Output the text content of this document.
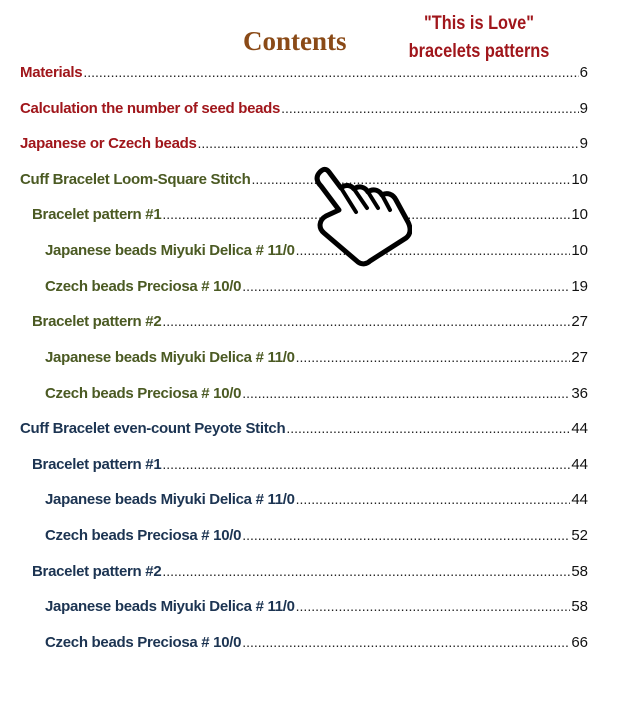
Contents
"This is Love"
bracelets patterns
Materials .....	6
Calculation the number of seed beads .....	9
Japanese or Czech beads .....	9
Cuff Bracelet Loom-Square Stitch .....	10
Bracelet pattern #1 .....	10
Japanese beads Miyuki Delica # 11/0 .....	10
Czech beads Preciosa # 10/0 .....	19
Bracelet pattern #2 .....	27
Japanese beads Miyuki Delica # 11/0 .....	27
Czech beads Preciosa # 10/0 .....	36
Cuff Bracelet even-count Peyote Stitch .....	44
Bracelet pattern #1 .....	44
Japanese beads Miyuki Delica # 11/0 .....	44
Czech beads Preciosa # 10/0 .....	52
Bracelet pattern #2 .....	58
Japanese beads Miyuki Delica # 11/0 .....	58
Czech beads Preciosa # 10/0 .....	66
